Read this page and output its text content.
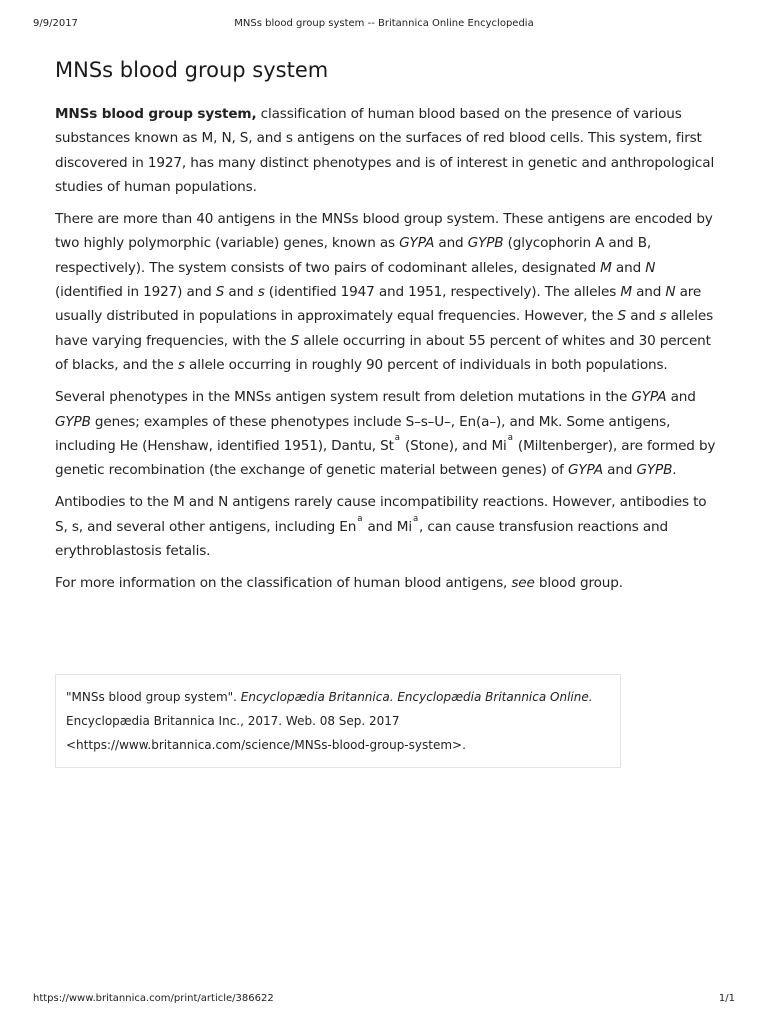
9/9/2017	MNSs blood group system -- Britannica Online Encyclopedia
MNSs blood group system

MNSs blood group system, classification of human blood based on the presence of various substances known as M, N, S, and s antigens on the surfaces of red blood cells. This system, first discovered in 1927, has many distinct phenotypes and is of interest in genetic and anthropological studies of human populations.

There are more than 40 antigens in the MNSs blood group system. These antigens are encoded by two highly polymorphic (variable) genes, known as GYPA and GYPB (glycophorin A and B, respectively). The system consists of two pairs of codominant alleles, designated M and N (identified in 1927) and S and s (identified 1947 and 1951, respectively). The alleles M and N are usually distributed in populations in approximately equal frequencies. However, the S and s alleles have varying frequencies, with the S allele occurring in about 55 percent of whites and 30 percent of blacks, and the s allele occurring in roughly 90 percent of individuals in both populations.

Several phenotypes in the MNSs antigen system result from deletion mutations in the GYPA and GYPB genes; examples of these phenotypes include S–s–U–, En(a–), and Mk. Some antigens, including He (Henshaw, identified 1951), Dantu, St$^a$ (Stone), and Mi$^a$ (Miltenberger), are formed by genetic recombination (the exchange of genetic material between genes) of GYPA and GYPB.

Antibodies to the M and N antigens rarely cause incompatibility reactions. However, antibodies to S, s, and several other antigens, including En$^a$ and Mi$^a$, can cause transfusion reactions and erythroblastosis fetalis.

For more information on the classification of human blood antigens, see blood group.

"MNSs blood group system". Encyclopædia Britannica. Encyclopædia Britannica Online. Encyclopædia Britannica Inc., 2017. Web. 08 Sep. 2017 <https://www.britannica.com/science/MNSs-blood-group-system>.
https://www.britannica.com/print/article/386622	1/1
